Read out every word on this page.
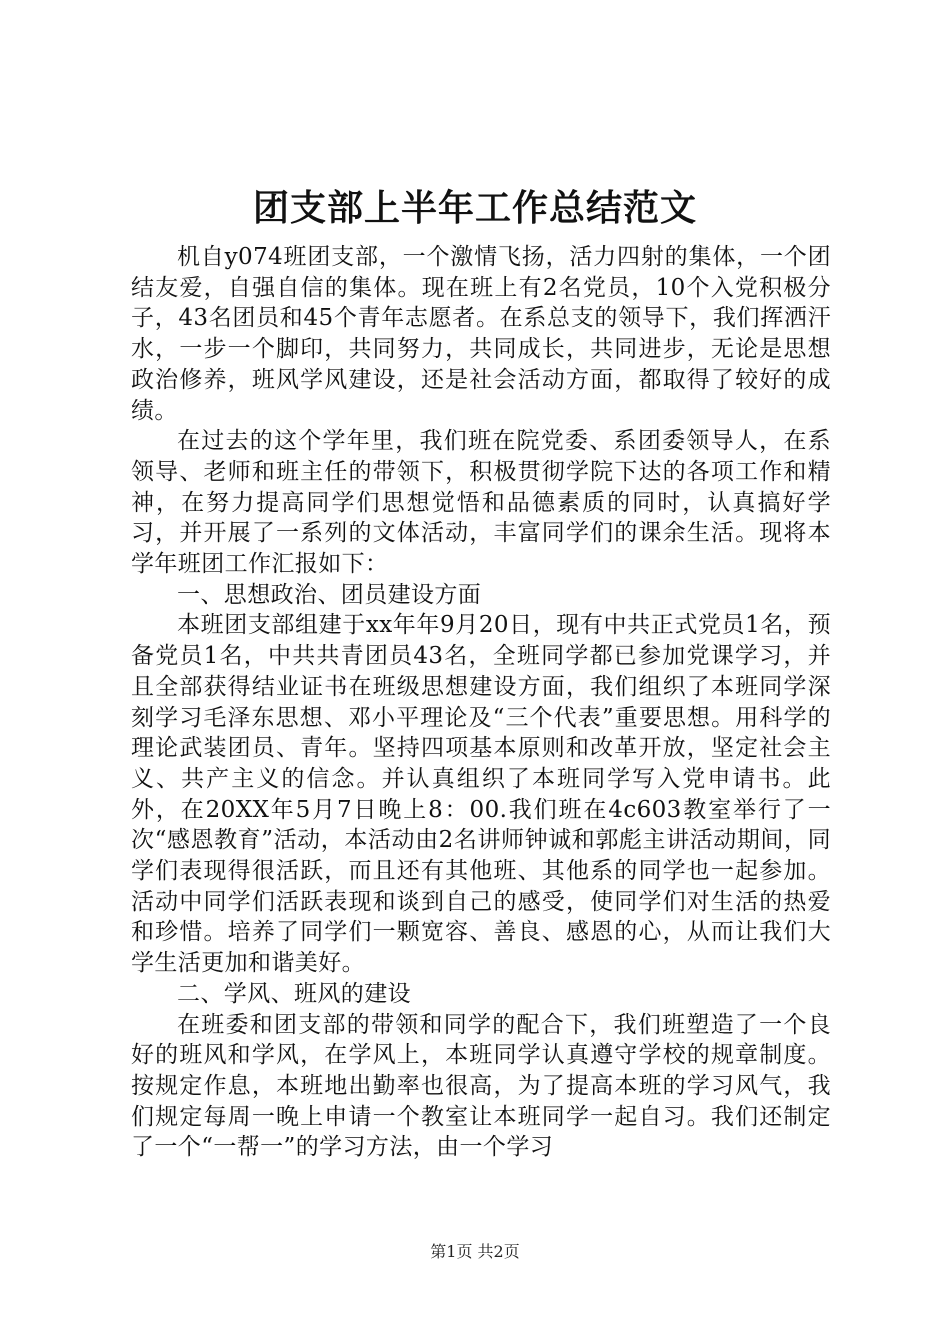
团支部上半年工作总结范文

机自y074班团支部，一个激情飞扬，活力四射的集体，一个团结友爱，自强自信的集体。现在班上有2名党员，10个入党积极分子，43名团员和45个青年志愿者。在系总支的领导下，我们挥洒汗水，一步一个脚印，共同努力，共同成长，共同进步，无论是思想政治修养，班风学风建设，还是社会活动方面，都取得了较好的成绩。

在过去的这个学年里，我们班在院党委、系团委领导人，在系领导、老师和班主任的带领下，积极贯彻学院下达的各项工作和精神，在努力提高同学们思想觉悟和品德素质的同时，认真搞好学习，并开展了一系列的文体活动，丰富同学们的课余生活。现将本学年班团工作汇报如下：

一、思想政治、团员建设方面

本班团支部组建于xx年年9月20日，现有中共正式党员1名，预备党员1名，中共共青团员43名，全班同学都已参加党课学习，并且全部获得结业证书在班级思想建设方面，我们组织了本班同学深刻学习毛泽东思想、邓小平理论及“三个代表”重要思想。用科学的理论武装团员、青年。坚持四项基本原则和改革开放，坚定社会主义、共产主义的信念。并认真组织了本班同学写入党申请书。此外，在20XX年5月7日晚上8：00.我们班在4c603教室举行了一次“感恩教育”活动，本活动由2名讲师钟诚和郭彪主讲活动期间，同学们表现得很活跃，而且还有其他班、其他系的同学也一起参加。活动中同学们活跃表现和谈到自己的感受，使同学们对生活的热爱和珍惜。培养了同学们一颗宽容、善良、感恩的心，从而让我们大学生活更加和谐美好。

二、学风、班风的建设

在班委和团支部的带领和同学的配合下，我们班塑造了一个良好的班风和学风，在学风上，本班同学认真遵守学校的规章制度。按规定作息，本班地出勤率也很高，为了提高本班的学习风气，我们规定每周一晚上申请一个教室让本班同学一起自习。我们还制定了一个“一帮一”的学习方法，由一个学习

第1页 共2页
